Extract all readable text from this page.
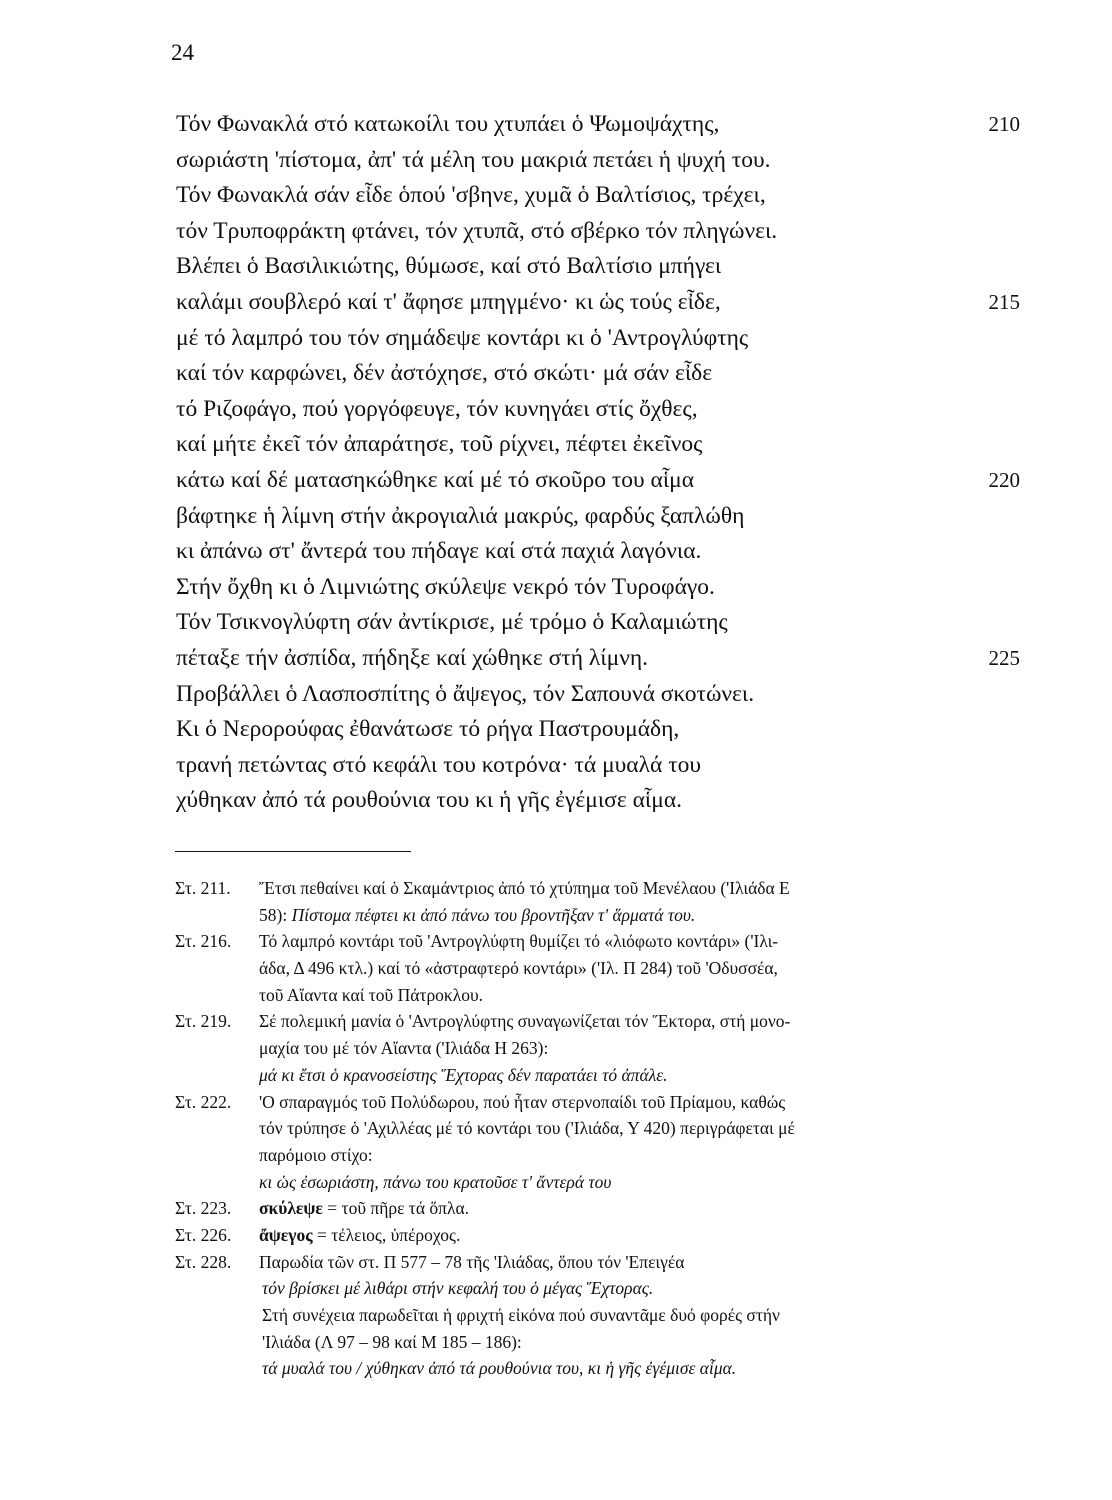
24
Τόν Φωνακλά στό κατωκοίλι του χτυπάει ὁ Ψωμοψάχτης,	210
σωριάστη 'πίστομα, ἀπ' τά μέλη του μακριά πετάει ἡ ψυχή του.
Τόν Φωνακλά σάν εἶδε ὁπού 'σβηνε, χυμᾶ ὁ Βαλτίσιος, τρέχει,
τόν Τρυποφράκτη φτάνει, τόν χτυπᾶ, στό σβέρκο τόν πληγώνει.
Βλέπει ὁ Βασιλικιώτης, θύμωσε, καί στό Βαλτίσιο μπήγει
καλάμι σουβλερό καί τ' ἄφησε μπηγμένο· κι ὡς τούς εἶδε,	215
μέ τό λαμπρό του τόν σημάδεψε κοντάρι κι ὁ 'Αντρογλύφτης
καί τόν καρφώνει, δέν ἀστόχησε, στό σκώτι· μά σάν εἶδε
τό Ριζοφάγο, πού γοργόφευγε, τόν κυνηγάει στίς ὄχθες,
καί μήτε ἐκεῖ τόν ἀπαράτησε, τοῦ ρίχνει, πέφτει ἐκεῖνος
κάτω καί δέ ματασηκώθηκε καί μέ τό σκοῦρο του αἷμα	220
βάφτηκε ἡ λίμνη στήν ἀκρογιαλιά μακρύς, φαρδύς ξαπλώθη
κι ἀπάνω στ' ἄντερά του πήδαγε καί στά παχιά λαγόνια.
Στήν ὄχθη κι ὁ Λιμνιώτης σκύλεψε νεκρό τόν Τυροφάγο.
Τόν Τσικνογλύφτη σάν ἀντίκρισε, μέ τρόμο ὁ Καλαμιώτης
πέταξε τήν ἀσπίδα, πήδηξε καί χώθηκε στή λίμνη.	225
Προβάλλει ὁ Λασποσπίτης ὁ ἄψεγος, τόν Σαπουνά σκοτώνει.
Κι ὁ Νερορούφας ἐθανάτωσε τό ρήγα Παστρουμάδη,
τρανή πετώντας στό κεφάλι του κοτρόνα· τά μυαλά του
χύθηκαν ἀπό τά ρουθούνια του κι ἡ γῆς ἐγέμισε αἷμα.
Στ. 211. Ἔτσι πεθαίνει καί ὁ Σκαμάντριος ἀπό τό χτύπημα τοῦ Μενέλαου ('Ιλιάδα Ε
58): Πίστομα πέφτει κι ἀπό πάνω του βροντῆξαν τ' ἅρματά του.
Στ. 216. Τό λαμπρό κοντάρι τοῦ 'Αντρογλύφτη θυμίζει τό «λιόφωτο κοντάρι» ('Ιλι-
άδα, Δ 496 κτλ.) καί τό «ἀστραφτερό κοντάρι» ('Ιλ. Π 284) τοῦ 'Οδυσσέα,
τοῦ Αἴαντα καί τοῦ Πάτροκλου.
Στ. 219. Σέ πολεμική μανία ὁ 'Αντρογλύφτης συναγωνίζεται τόν Ἕκτορα, στή μονο-
μαχία του μέ τόν Αἴαντα ('Ιλιάδα Η 263):
μά κι ἔτσι ὁ κρανοσείστης Ἕχτορας δέν παρατάει τό ἀπάλε.
Στ. 222. 'Ο σπαραγμός τοῦ Πολύδωρου, πού ἦταν στερνοπαίδι τοῦ Πρίαμου, καθώς
τόν τρύπησε ὁ 'Αχιλλέας μέ τό κοντάρι του ('Ιλιάδα, Υ 420) περιγράφεται μέ
παρόμοιο στίχο:
κι ὡς ἐσωριάστη, πάνω του κρατοῦσε τ' ἄντερά του
Στ. 223. σκύλεψε = τοῦ πῆρε τά ὅπλα.
Στ. 226. ἄψεγος = τέλειος, ὑπέροχος.
Στ. 228. Παρωδία τῶν στ. Π 577 – 78 τῆς 'Ιλιάδας, ὅπου τόν 'Επειγέα
τόν βρίσκει μέ λιθάρι στήν κεφαλή του ὁ μέγας Ἕχτορας.
Στή συνέχεια παρωδεῖται ἡ φριχτή εἰκόνα πού συναντᾶμε δυό φορές στήν
'Ιλιάδα (Λ 97 – 98 καί Μ 185 – 186):
τά μυαλά του / χύθηκαν ἀπό τά ρουθούνια του, κι ἡ γῆς ἐγέμισε αἷμα.
